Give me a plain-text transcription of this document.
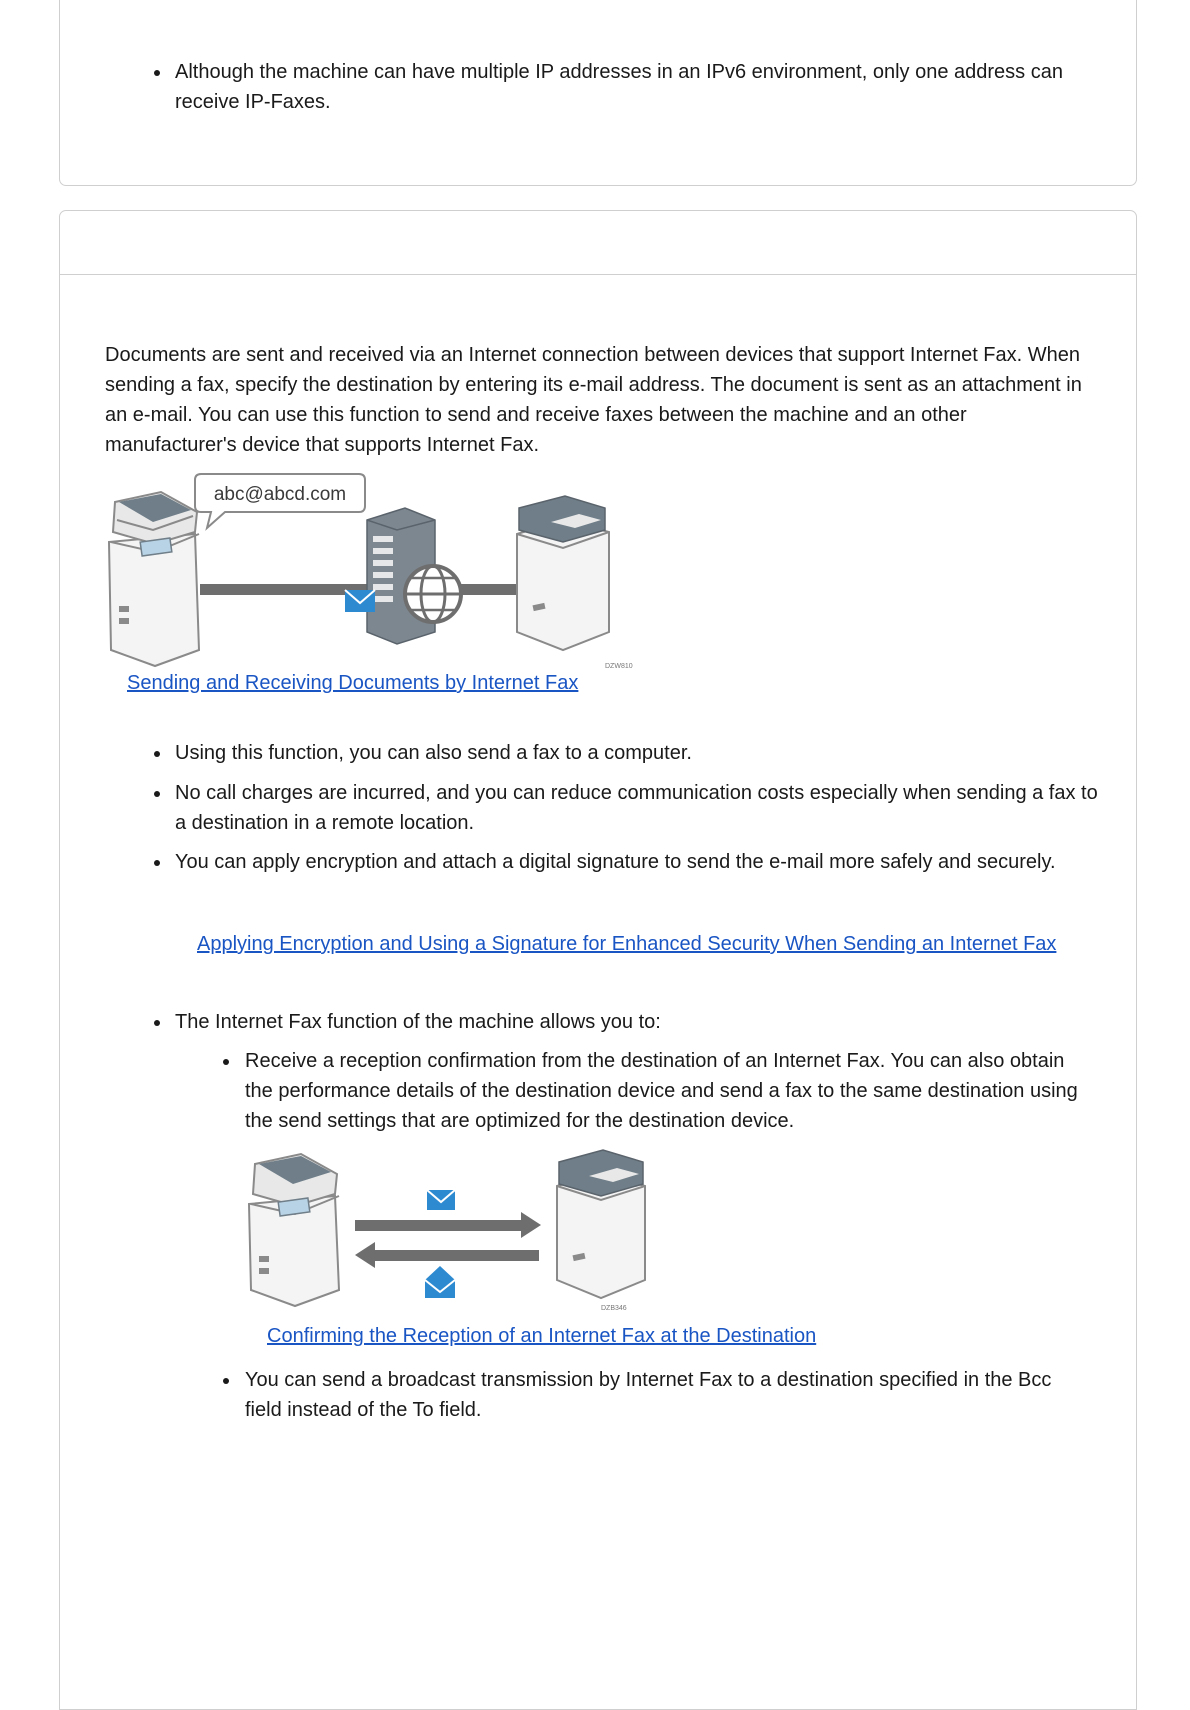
Although the machine can have multiple IP addresses in an IPv6 environment, only one address can receive IP-Faxes.

Documents are sent and received via an Internet connection between devices that support Internet Fax. When sending a fax, specify the destination by entering its e-mail address. The document is sent as an attachment in an e-mail. You can use this function to send and receive faxes between the machine and an other manufacturer's device that supports Internet Fax.

abc@abcd.com
DZW810
Sending and Receiving Documents by Internet Fax
Using this function, you can also send a fax to a computer.
No call charges are incurred, and you can reduce communication costs especially when sending a fax to a destination in a remote location.
You can apply encryption and attach a digital signature to send the e-mail more safely and securely.
The Internet Fax function of the machine allows you to:
Applying Encryption and Using a Signature for Enhanced Security When Sending an Internet Fax
Receive a reception confirmation from the destination of an Internet Fax. You can also obtain the performance details of the destination device and send a fax to the same destination using the send settings that are optimized for the destination device.
You can send a broadcast transmission by Internet Fax to a destination specified in the Bcc field instead of the To field.
DZB346
Confirming the Reception of an Internet Fax at the Destination
